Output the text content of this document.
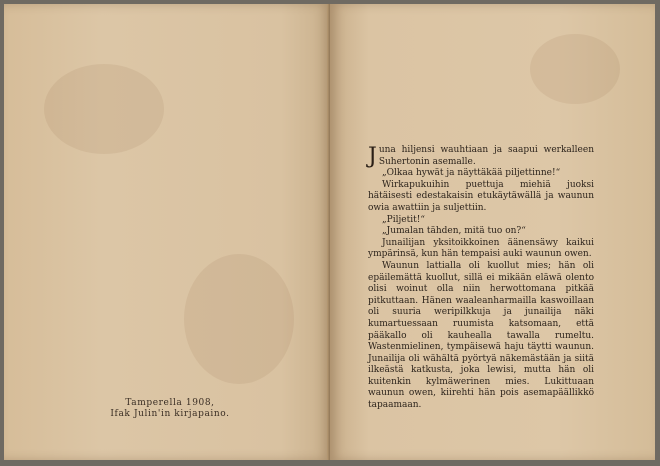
Tamperella 1908,
Ifak Julin'in kirjapaino.

Juna hiljensi wauhtiaan ja saapui werkalleen Suhertonin asemalle.

„Olkaa hywät ja näyttäkää piljettinne!“

Wirkapukuihin puettuja miehiä juoksi hätäisesti edestakaisin etukäytäwällä ja waunun owia awattiin ja suljettiin.

„Piljetit!“

„Jumalan tähden, mitä tuo on?“

Junailijan yksitoikkoinen äänensäwy kaikui ympärinsä, kun hän tempaisi auki waunun owen.

Waunun lattialla oli kuollut mies; hän oli epäilemättä kuollut, sillä ei mikään eläwä olento olisi woinut olla niin herwottomana pitkää pitkuttaan. Hänen waaleanharmailla kaswoillaan oli suuria weripilkkuja ja junailija näki kumartuessaan ruumista katsomaan, että pääkallo oli kauhealla tawalla rumeltu. Wastenmielinen, tympäisewä haju täytti waunun. Junailija oli wähältä pyörtyä näkemästään ja siitä ilkeästä katkusta, joka lewisi, mutta hän oli kuitenkin kylmäwerinen mies. Lukittuaan waunun owen, kiirehti hän pois asemapäällikkö tapaamaan.
